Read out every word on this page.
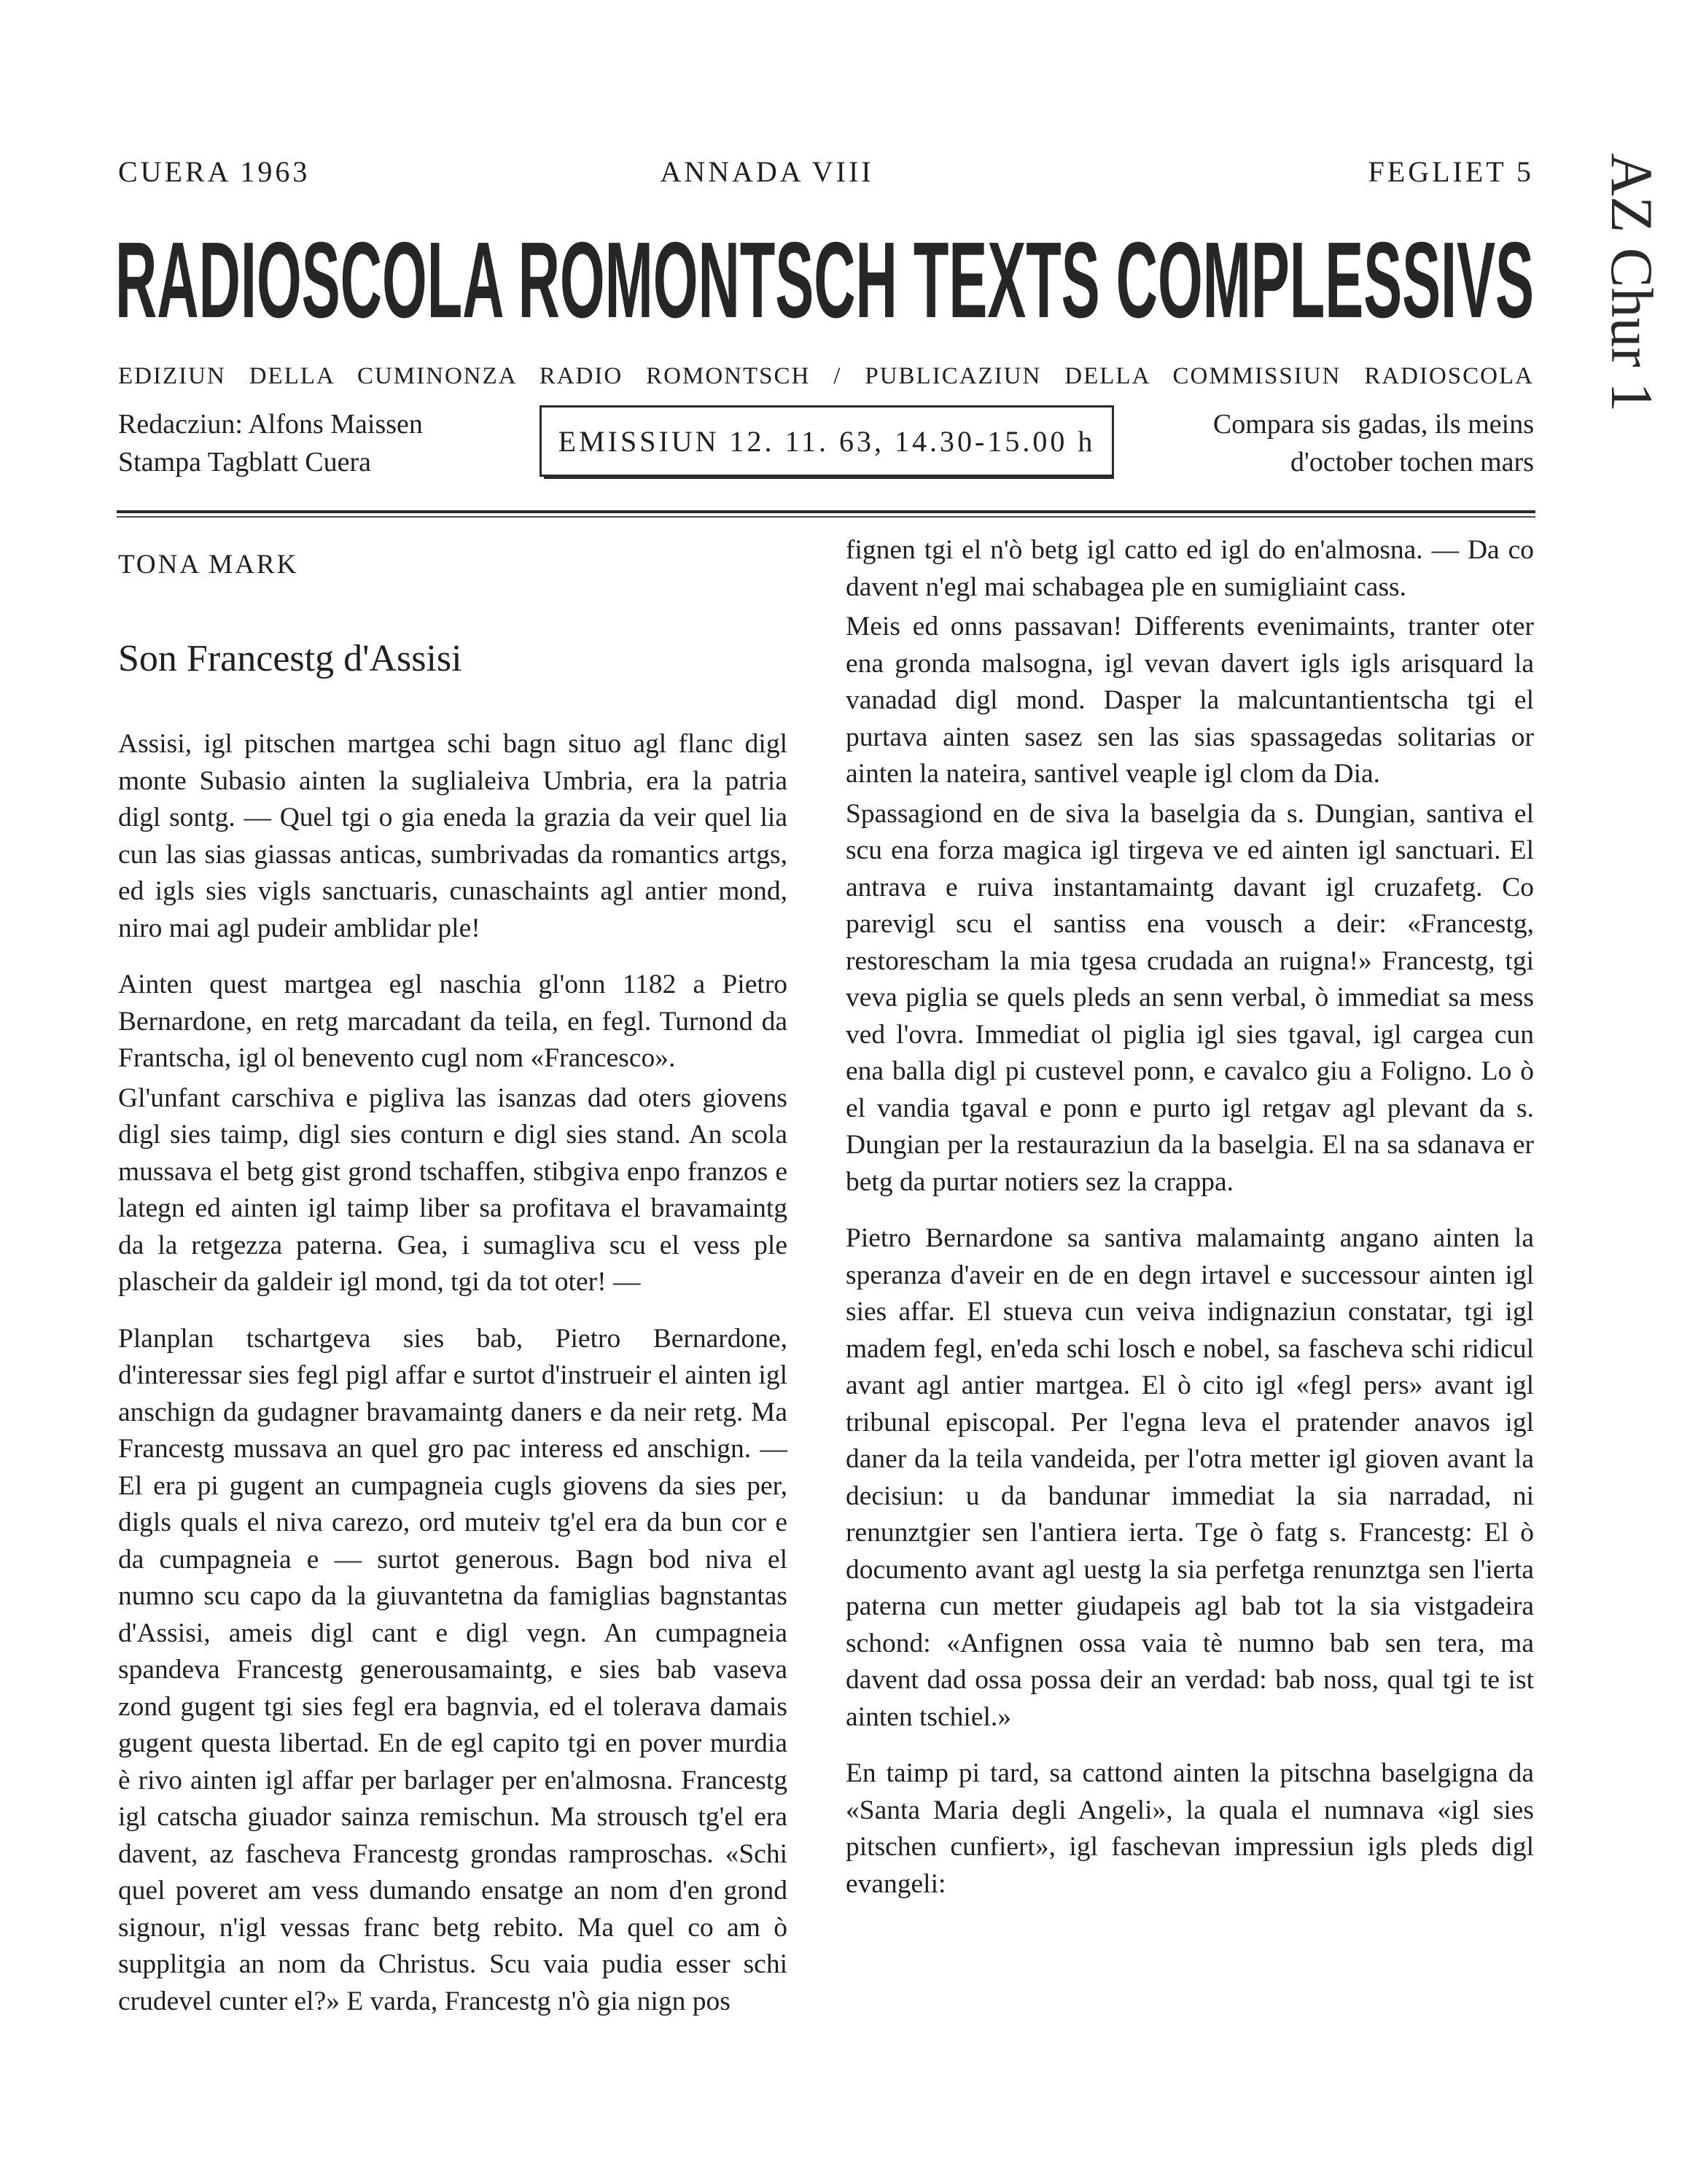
CUERA 1963	ANNADA VIII	FEGLIET 5
RADIOSCOLA ROMONTSCH TEXTS COMPLESSIVS
EDIZIUN DELLA CUMINONZA RADIO ROMONTSCH / PUBLICAZIUN DELLA COMMISSIUN RADIOSCOLA
Redacziun: Alfons Maissen
Stampa Tagblatt Cuera
EMISSIUN 12. 11. 63, 14.30-15.00 h
Compara sis gadas, ils meins
d'october tochen mars
AZ Chur 1
TONA MARK
Son Francestg d'Assisi

Assisi, igl pitschen martgea schi bagn situo agl flanc digl monte Subasio ainten la suglialeiva Umbria, era la patria digl sontg. — Quel tgi o gia eneda la grazia da veir quel lia cun las sias giassas anticas, sumbrivadas da romantics artgs, ed igls sies vigls sanctuaris, cunaschaints agl antier mond, niro mai agl pudeir amblidar ple!

Ainten quest martgea egl naschia gl'onn 1182 a Pietro Bernardone, en retg marcadant da teila, en fegl. Turnond da Frantscha, igl ol benevento cugl nom «Francesco».

Gl'unfant carschiva e pigliva las isanzas dad oters giovens digl sies taimp, digl sies conturn e digl sies stand. An scola mussava el betg gist grond tschaffen, stibgiva enpo franzos e lategn ed ainten igl taimp liber sa profitava el bravamaintg da la retgezza paterna. Gea, i sumagliva scu el vess ple plascheir da galdeir igl mond, tgi da tot oter! —

Planplan tschartgeva sies bab, Pietro Bernardone, d'interessar sies fegl pigl affar e surtot d'instrueir el ainten igl anschign da gudagner bravamaintg daners e da neir retg. Ma Francestg mussava an quel gro pac interess ed anschign. — El era pi gugent an cumpagneia cugls giovens da sies per, digls quals el niva carezo, ord muteiv tg'el era da bun cor e da cumpagneia e — surtot generous. Bagn bod niva el numno scu capo da la giuvantetna da famiglias bagnstantas d'Assisi, ameis digl cant e digl vegn. An cumpagneia spandeva Francestg generousamaintg, e sies bab vaseva zond gugent tgi sies fegl era bagnvia, ed el tolerava damais gugent questa libertad. En de egl capito tgi en pover murdia è rivo ainten igl affar per barlager per en'almosna. Francestg igl catscha giuador sainza remischun. Ma strousch tg'el era davent, az fascheva Francestg grondas ramproschas. «Schi quel poveret am vess dumando ensatge an nom d'en grond signour, n'igl vessas franc betg rebito. Ma quel co am ò supplitgia an nom da Christus. Scu vaia pudia esser schi crudevel cunter el?» E varda, Francestg n'ò gia nign pos

fignen tgi el n'ò betg igl catto ed igl do en'almosna. — Da co davent n'egl mai schabagea ple en sumigliaint cass.

Meis ed onns passavan! Differents evenimaints, tranter oter ena gronda malsogna, igl vevan davert igls igls arisquard la vanadad digl mond. Dasper la malcuntantientscha tgi el purtava ainten sasez sen las sias spassagedas solitarias or ainten la nateira, santivel veaple igl clom da Dia.

Spassagiond en de siva la baselgia da s. Dungian, santiva el scu ena forza magica igl tirgeva ve ed ainten igl sanctuari. El antrava e ruiva instantamaintg davant igl cruzafetg. Co parevigl scu el santiss ena vousch a deir: «Francestg, restorescham la mia tgesa crudada an ruigna!» Francestg, tgi veva piglia se quels pleds an senn verbal, ò immediat sa mess ved l'ovra. Immediat ol piglia igl sies tgaval, igl cargea cun ena balla digl pi custevel ponn, e cavalco giu a Foligno. Lo ò el vandia tgaval e ponn e purto igl retgav agl plevant da s. Dungian per la restauraziun da la baselgia. El na sa sdanava er betg da purtar notiers sez la crappa.

Pietro Bernardone sa santiva malamaintg angano ainten la speranza d'aveir en de en degn irtavel e successour ainten igl sies affar. El stueva cun veiva indignaziun constatar, tgi igl madem fegl, en'eda schi losch e nobel, sa fascheva schi ridicul avant agl antier martgea. El ò cito igl «fegl pers» avant igl tribunal episcopal. Per l'egna leva el pratender anavos igl daner da la teila vandeida, per l'otra metter igl gioven avant la decisiun: u da bandunar immediat la sia narradad, ni renunztgier sen l'antiera ierta. Tge ò fatg s. Francestg: El ò documento avant agl uestg la sia perfetga renunztga sen l'ierta paterna cun metter giudapeis agl bab tot la sia vistgadeira schond: «Anfignen ossa vaia tè numno bab sen tera, ma davent dad ossa possa deir an verdad: bab noss, qual tgi te ist ainten tschiel.»

En taimp pi tard, sa cattond ainten la pitschna baselgigna da «Santa Maria degli Angeli», la quala el numnava «igl sies pitschen cunfiert», igl faschevan impressiun igls pleds digl evangeli:
